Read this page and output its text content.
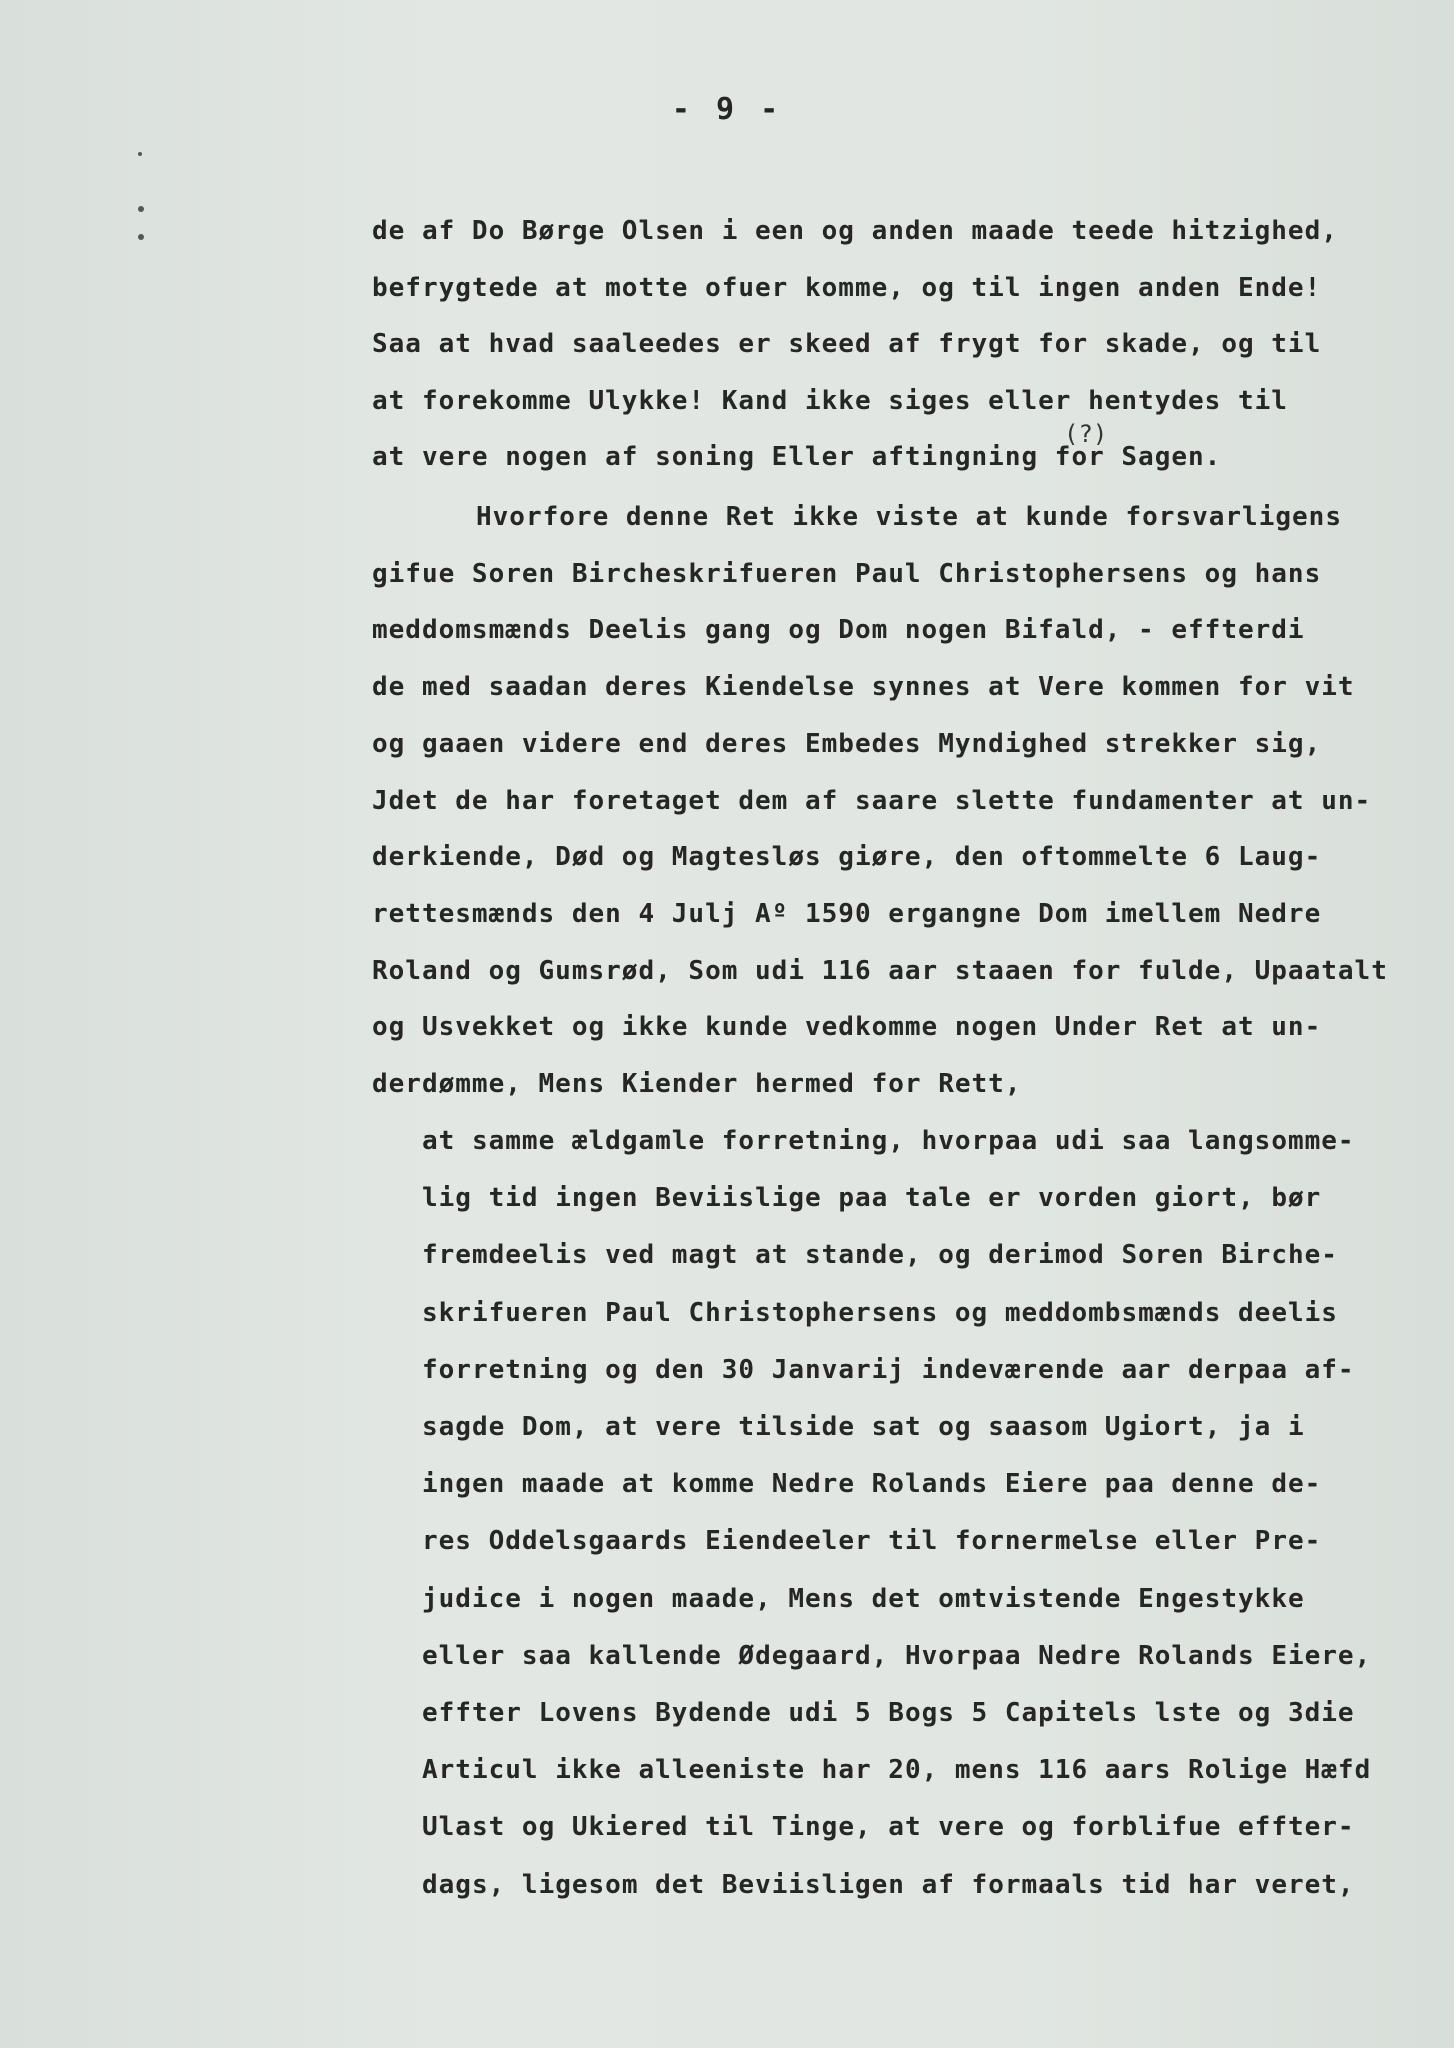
- 9 -
(?)
de af Do Børge Olsen i een og anden maade teede hitzighed,
befrygtede at motte ofuer komme, og til ingen anden Ende!
Saa at hvad saaleedes er skeed af frygt for skade, og til
at forekomme Ulykke! Kand ikke siges eller hentydes til
at vere nogen af soning Eller aftingning for Sagen.
Hvorfore denne Ret ikke viste at kunde forsvarligens
gifue Soren Bircheskrifueren Paul Christophersens og hans
meddomsmænds Deelis gang og Dom nogen Bifald, - effterdi
de med saadan deres Kiendelse synnes at Vere kommen for vit
og gaaen videre end deres Embedes Myndighed strekker sig,
Jdet de har foretaget dem af saare slette fundamenter at un-
derkiende, Død og Magtesløs giøre, den oftommelte 6 Laug-
rettesmænds den 4 Julj Aº 1590 ergangne Dom imellem Nedre
Roland og Gumsrød, Som udi 116 aar staaen for fulde, Upaatalt
og Usvekket og ikke kunde vedkomme nogen Under Ret at un-
derdømme, Mens Kiender hermed for Rett,
at samme ældgamle forretning, hvorpaa udi saa langsomme-
lig tid ingen Beviislige paa tale er vorden giort, bør
fremdeelis ved magt at stande, og derimod Soren Birche-
skrifueren Paul Christophersens og meddombsmænds deelis
forretning og den 30 Janvarij indeværende aar derpaa af-
sagde Dom, at vere tilside sat og saasom Ugiort, ja i
ingen maade at komme Nedre Rolands Eiere paa denne de-
res Oddelsgaards Eiendeeler til fornermelse eller Pre-
judice i nogen maade, Mens det omtvistende Engestykke
eller saa kallende Ødegaard, Hvorpaa Nedre Rolands Eiere,
effter Lovens Bydende udi 5 Bogs 5 Capitels lste og 3die
Articul ikke alleeniste har 20, mens 116 aars Rolige Hæfd
Ulast og Ukiered til Tinge, at vere og forblifue effter-
dags, ligesom det Beviisligen af formaals tid har veret,
